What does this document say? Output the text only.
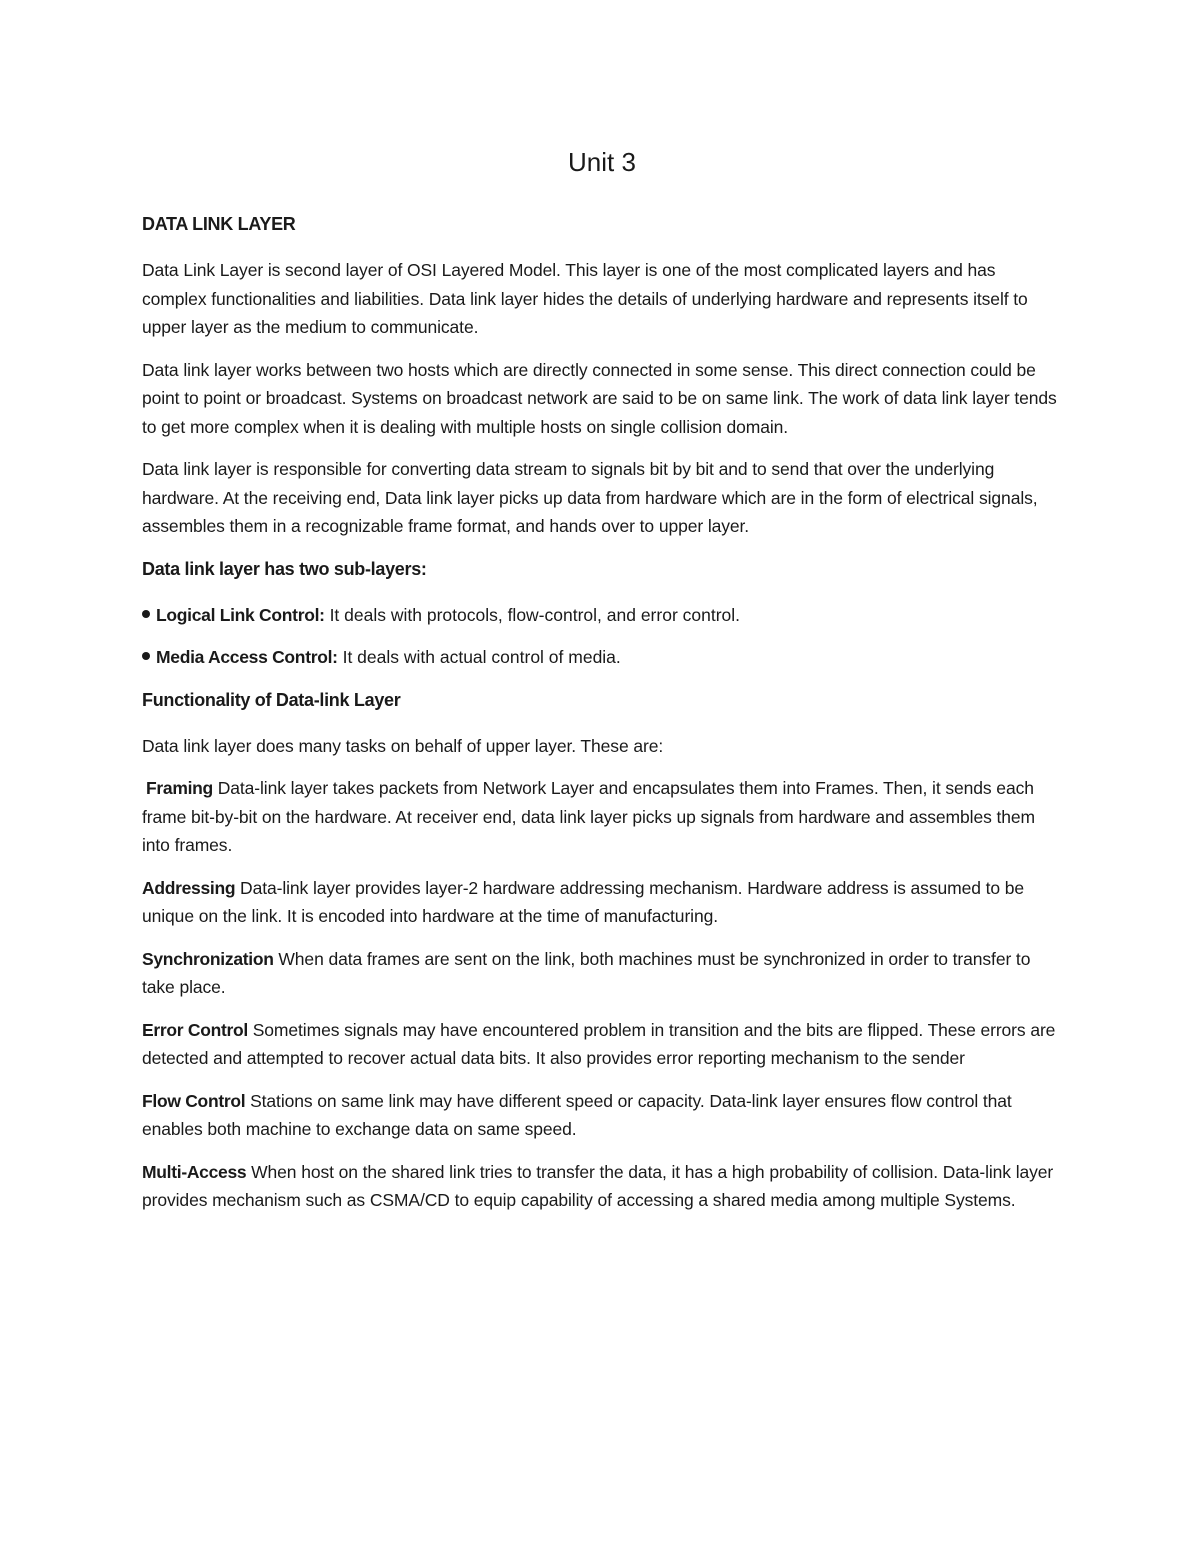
Unit 3
DATA LINK LAYER

Data Link Layer is second layer of OSI Layered Model. This layer is one of the most complicated layers and has complex functionalities and liabilities. Data link layer hides the details of underlying hardware and represents itself to upper layer as the medium to communicate.

Data link layer works between two hosts which are directly connected in some sense. This direct connection could be point to point or broadcast. Systems on broadcast network are said to be on same link. The work of data link layer tends to get more complex when it is dealing with multiple hosts on single collision domain.

Data link layer is responsible for converting data stream to signals bit by bit and to send that over the underlying hardware. At the receiving end, Data link layer picks up data from hardware which are in the form of electrical signals, assembles them in a recognizable frame format, and hands over to upper layer.

Data link layer has two sub-layers:
Logical Link Control: It deals with protocols, flow-control, and error control.
Media Access Control: It deals with actual control of media.
Functionality of Data-link Layer

Data link layer does many tasks on behalf of upper layer. These are:

Framing Data-link layer takes packets from Network Layer and encapsulates them into Frames. Then, it sends each frame bit-by-bit on the hardware. At receiver end, data link layer picks up signals from hardware and assembles them into frames.

Addressing Data-link layer provides layer-2 hardware addressing mechanism. Hardware address is assumed to be unique on the link. It is encoded into hardware at the time of manufacturing.

Synchronization When data frames are sent on the link, both machines must be synchronized in order to transfer to take place.

Error Control Sometimes signals may have encountered problem in transition and the bits are flipped. These errors are detected and attempted to recover actual data bits. It also provides error reporting mechanism to the sender

Flow Control Stations on same link may have different speed or capacity. Data-link layer ensures flow control that enables both machine to exchange data on same speed.

Multi-Access When host on the shared link tries to transfer the data, it has a high probability of collision. Data-link layer provides mechanism such as CSMA/CD to equip capability of accessing a shared media among multiple Systems.
